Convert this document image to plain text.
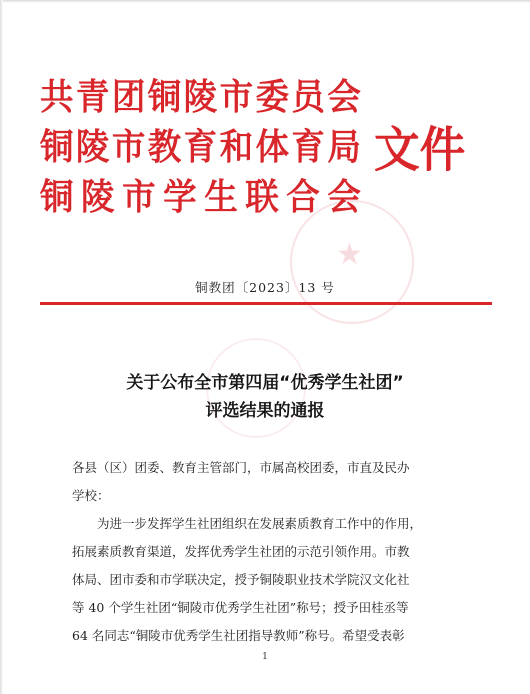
★
共青团铜陵市委员会
铜陵市教育和体育局
铜陵市学生联合会
文件
铜教团〔2023〕13 号
关于公布全市第四届“优秀学生社团”
评选结果的通报
各县（区）团委、教育主管部门，市属高校团委，市直及民办
学校：
为进一步发挥学生社团组织在发展素质教育工作中的作用，
拓展素质教育渠道，发挥优秀学生社团的示范引领作用。市教
体局、团市委和市学联决定，授予铜陵职业技术学院汉文化社
等 40 个学生社团“铜陵市优秀学生社团”称号；授予田桂丞等
64 名同志“铜陵市优秀学生社团指导教师”称号。希望受表彰
1
